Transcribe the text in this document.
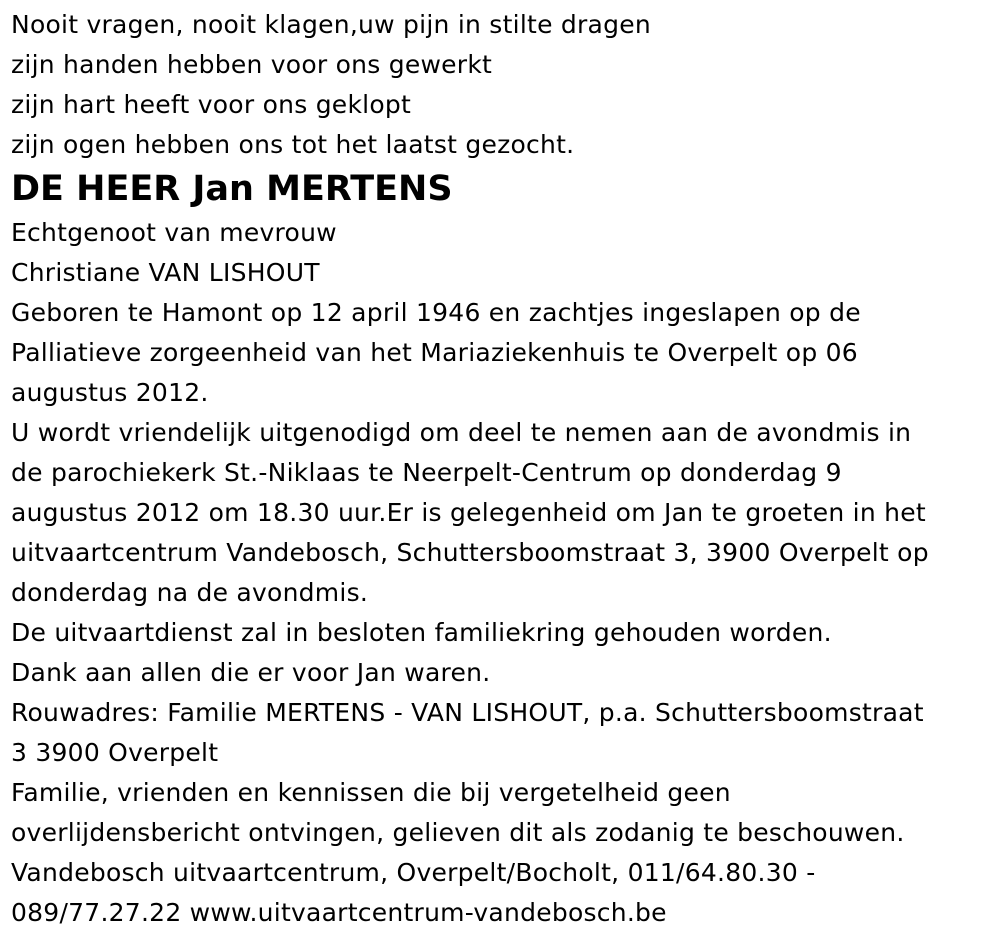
Nooit vragen, nooit klagen,uw pijn in stilte dragen
zijn handen hebben voor ons gewerkt
zijn hart heeft voor ons geklopt
zijn ogen hebben ons tot het laatst gezocht.
DE HEER Jan MERTENS
Echtgenoot van mevrouw
Christiane VAN LISHOUT
Geboren te Hamont op 12 april 1946 en zachtjes ingeslapen op de
Palliatieve zorgeenheid van het Mariaziekenhuis te Overpelt op 06
augustus 2012.
U wordt vriendelijk uitgenodigd om deel te nemen aan de avondmis in
de parochiekerk St.-Niklaas te Neerpelt-Centrum op donderdag 9
augustus 2012 om 18.30 uur.Er is gelegenheid om Jan te groeten in het
uitvaartcentrum Vandebosch, Schuttersboomstraat 3, 3900 Overpelt op
donderdag na de avondmis.
De uitvaartdienst zal in besloten familiekring gehouden worden.
Dank aan allen die er voor Jan waren.
Rouwadres: Familie MERTENS - VAN LISHOUT, p.a. Schuttersboomstraat
3 3900 Overpelt
Familie, vrienden en kennissen die bij vergetelheid geen
overlijdensbericht ontvingen, gelieven dit als zodanig te beschouwen.
Vandebosch uitvaartcentrum, Overpelt/Bocholt, 011/64.80.30 -
089/77.27.22 www.uitvaartcentrum-vandebosch.be
